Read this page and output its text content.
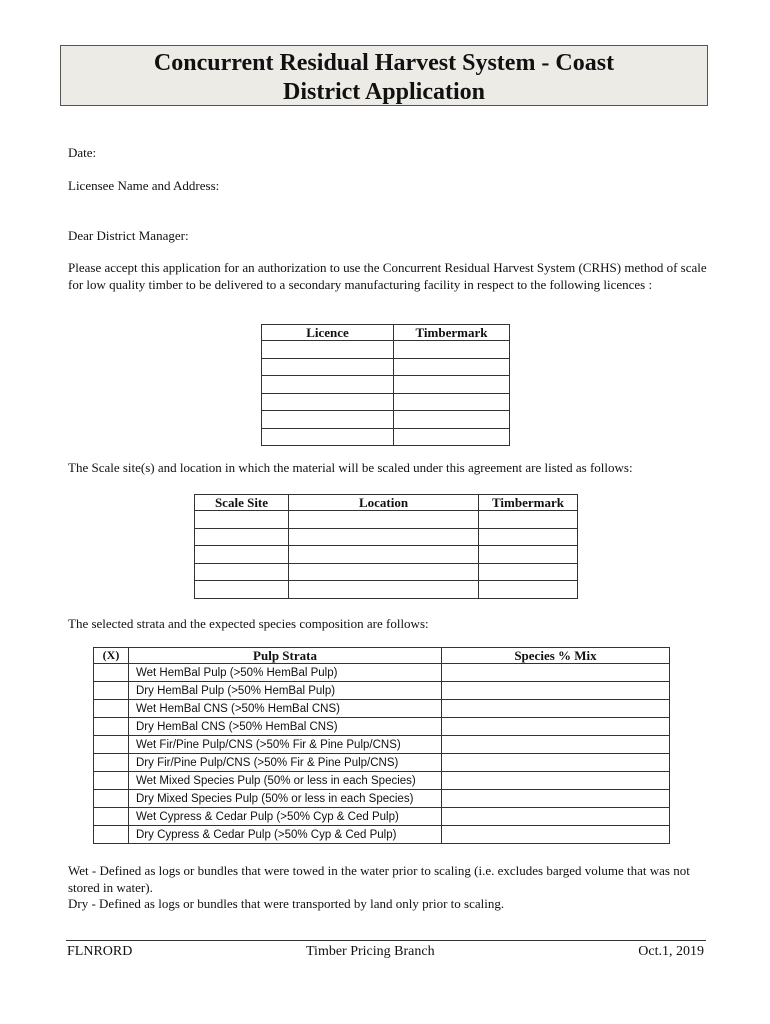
Concurrent Residual Harvest System - Coast
District Application
Date:
Licensee Name and Address:
Dear District Manager:
Please accept this application for an authorization to use the Concurrent Residual Harvest System (CRHS) method of scale for low quality timber to be delivered to a secondary manufacturing facility in respect to the following licences :
Licence	Timbermark

The Scale site(s) and location in which the material will be scaled under this agreement are listed as follows:
Scale Site	Location	Timbermark

The selected strata and the expected species composition are follows:
(X)	Pulp Strata	Species % Mix
	Wet HemBal Pulp (>50% HemBal Pulp)	
	Dry HemBal Pulp (>50% HemBal Pulp)	
	Wet HemBal CNS (>50% HemBal CNS)	
	Dry HemBal CNS (>50% HemBal CNS)	
	Wet Fir/Pine Pulp/CNS (>50% Fir & Pine Pulp/CNS)	
	Dry Fir/Pine Pulp/CNS (>50% Fir & Pine Pulp/CNS)	
	Wet Mixed Species Pulp (50% or less in each Species)	
	Dry Mixed Species Pulp (50% or less in each Species)	
	Wet Cypress & Cedar Pulp (>50% Cyp & Ced Pulp)	
	Dry Cypress & Cedar Pulp (>50% Cyp & Ced Pulp)	
Wet - Defined as logs or bundles that were towed in the water prior to scaling (i.e. excludes barged volume that was not stored in water).
Dry - Defined as logs or bundles that were transported by land only prior to scaling.
FLNRORD	Timber Pricing Branch	Oct.1, 2019
